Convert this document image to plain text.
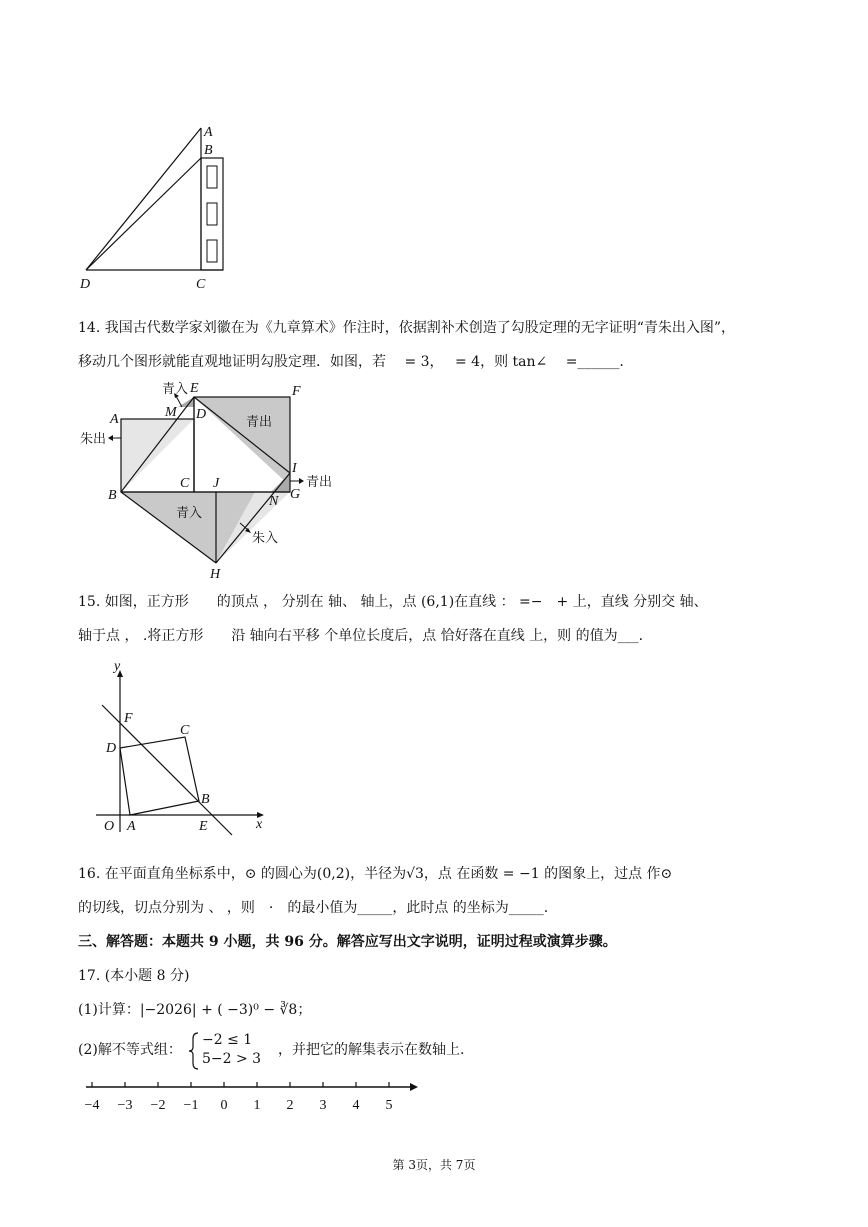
A
B
C
D
14. 我国古代数学家刘徽在为《九章算术》作注时，依据割补术创造了勾股定理的无字证明“青朱出入图”，
移动几个图形就能直观地证明勾股定理．如图，若　 = 3，　 = 4，则 tan∠　 =______.
A
B
C
D
E	F
G
H
I
J
M
N
青入
朱出
青出
青出
青入
朱入
15. 如图，正方形　　的顶点 ， 分别在 轴、 轴上，点 (6,1)在直线 ： =−　+ 上，直线 分别交 轴、
轴于点 ， .将正方形　　沿 轴向右平移 个单位长度后，点 恰好落在直线 上，则 的值为___.
y
x
O A
B
C
D
E
F
16. 在平面直角坐标系中，⊙ 的圆心为(0,2)，半径为√3，点 在函数 = −1 的图象上，过点 作⊙
的切线，切点分别为 、 ，则　·　的最小值为_____，此时点 的坐标为_____.
三、解答题：本题共 9 小题，共 96 分。解答应写出文字说明，证明过程或演算步骤。
17. (本小题 8 分)
(1)计算：|−2026| + ( −3)⁰ − ∛8；
(2)解不等式组：
−2 ≤ 1
5−2 > 3
，并把它的解集表示在数轴上.
−4 −3 −2 −1 0 1 2 3 4 5
第 3页，共 7页
